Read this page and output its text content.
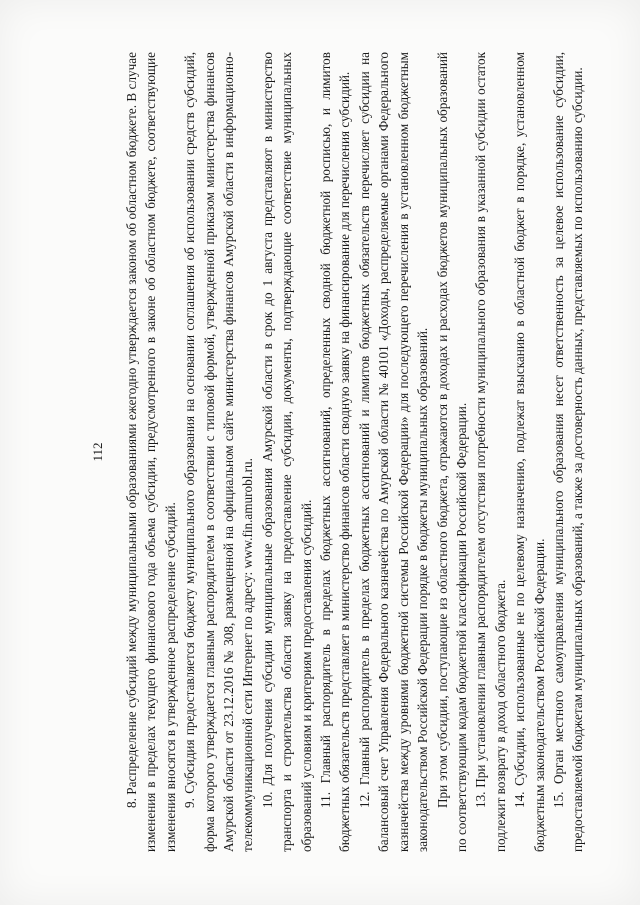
112 8. Распределение субсидий между муниципальными образованиями ежегодно утверждается законом об областном бюджете. В случае изменения в пределах текущего финансового года объема субсидии, предусмотренного в законе об областном бюджете, соответствующие изменения вносятся в утвержденное распределение субсидий. 9. Субсидия предоставляется бюджету муниципального образования на основании соглашения об использовании средств субсидий, форма которого утверждается главным распорядителем в соответствии с типовой формой, утвержденной приказом министерства финансов Амурской области от 23.12.2016 № 308, размещенной на официальном сайте министерства финансов Амурской области в информационно-телекоммуникационной сети Интернет по адресу: www.fin.amurobl.ru. 10. Для получения субсидии муниципальные образования Амурской области в срок до 1 августа представляют в министерство транспорта и строительства области заявку на предоставление субсидии, документы, подтверждающие соответствие муниципальных образований условиям и критериям предоставления субсидий. 11. Главный распорядитель в пределах бюджетных ассигнований, определенных сводной бюджетной росписью, и лимитов бюджетных обязательств представляет в министерство финансов области сводную заявку на финансирование для перечисления субсидий. 12. Главный распорядитель в пределах бюджетных ассигнований и лимитов бюджетных обязательств перечисляет субсидии на балансовый счет Управления Федерального казначейства по Амурской области № 40101 «Доходы, распределяемые органами Федерального казначейства между уровнями бюджетной системы Российской Федерации» для последующего перечисления в установленном бюджетным законодательством Российской Федерации порядке в бюджеты муниципальных образований. При этом субсидии, поступающие из областного бюджета, отражаются в доходах и расходах бюджетов муниципальных образований по соответствующим кодам бюджетной классификации Российской Федерации. 13. При установлении главным распорядителем отсутствия потребности муниципального образования в указанной субсидии остаток подлежит возврату в доход областного бюджета. 14. Субсидии, использованные не по целевому назначению, подлежат взысканию в областной бюджет в порядке, установленном бюджетным законодательством Российской Федерации. 15. Орган местного самоуправления муниципального образования несет ответственность за целевое использование субсидии, предоставляемой бюджетам муниципальных образований, а также за достоверность данных, представляемых по использованию субсидии.
